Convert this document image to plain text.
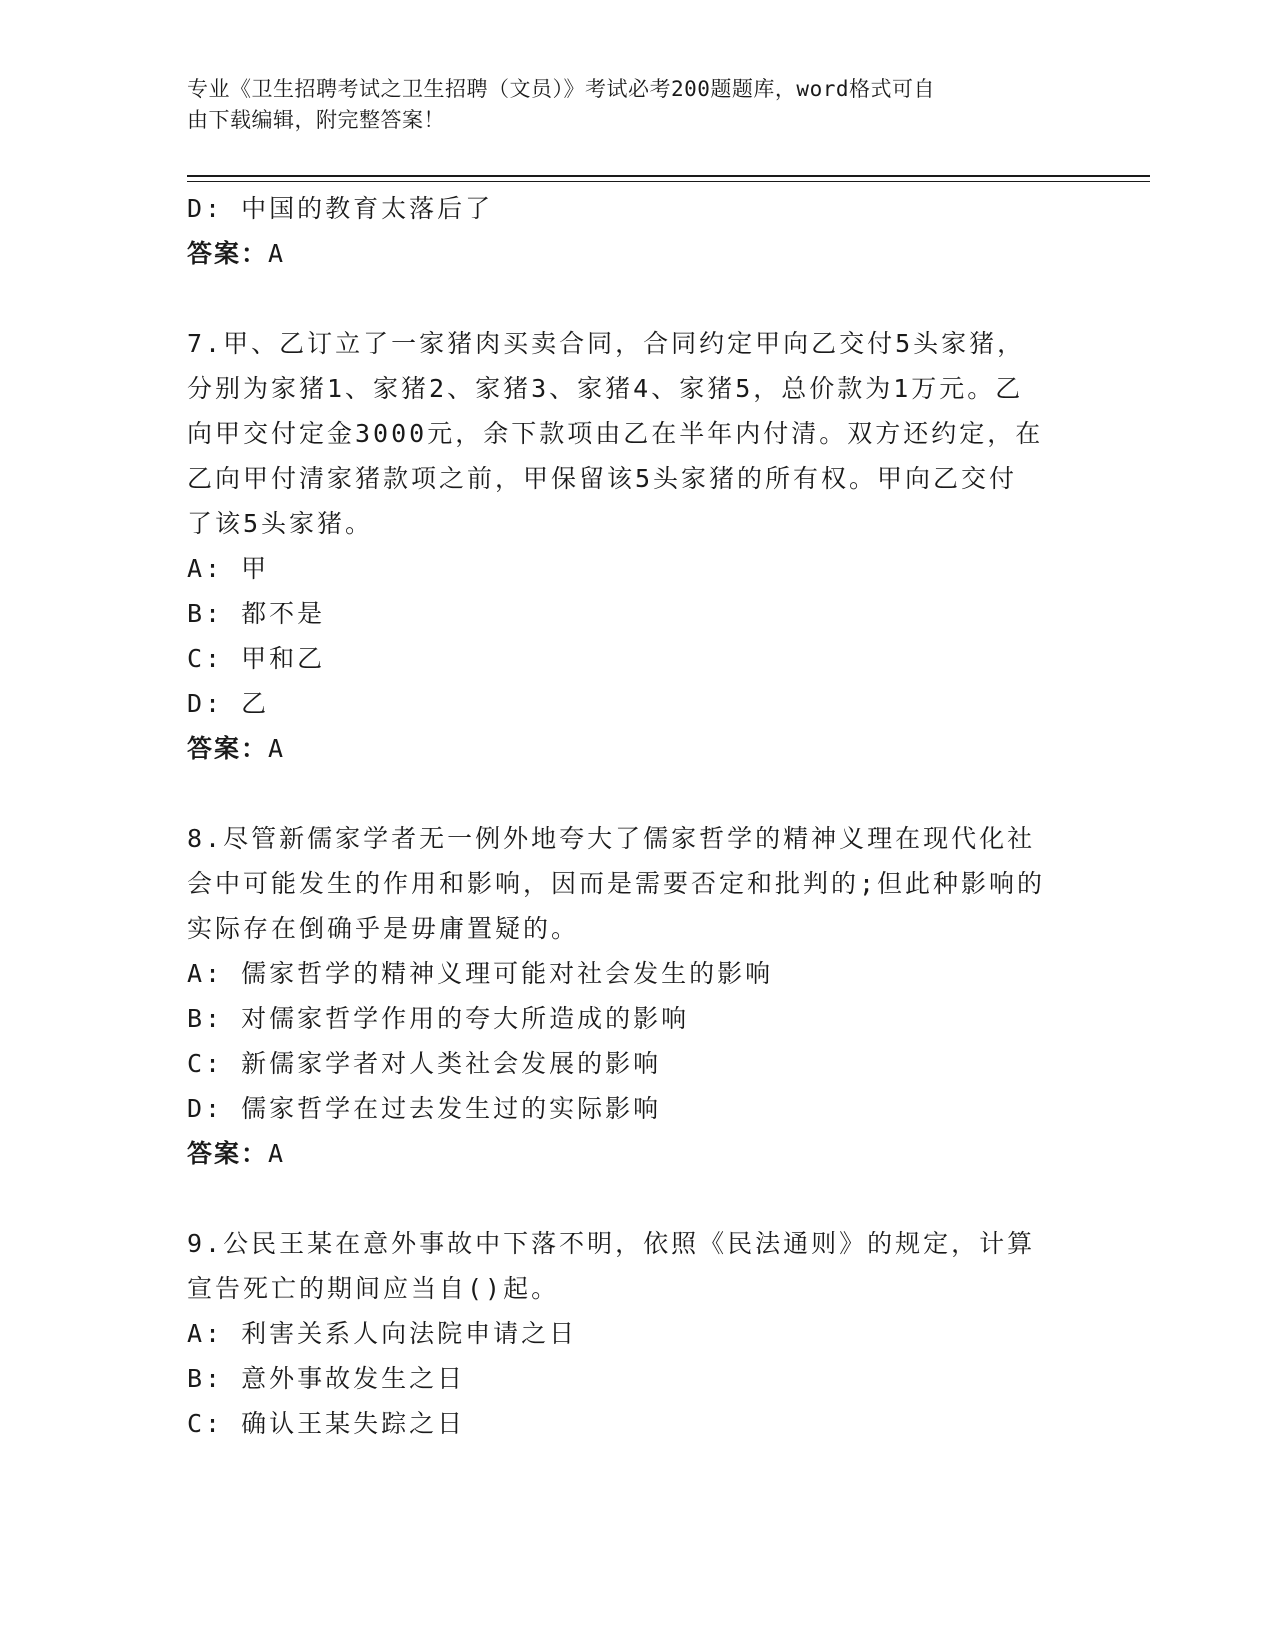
专业《卫生招聘考试之卫生招聘（文员）》考试必考200题题库，word格式可自
由下载编辑，附完整答案！
D: 中国的教育太落后了
答案：A
7.甲、乙订立了一家猪肉买卖合同，合同约定甲向乙交付5头家猪，
分别为家猪1、家猪2、家猪3、家猪4、家猪5，总价款为1万元。乙
向甲交付定金3000元，余下款项由乙在半年内付清。双方还约定，在
乙向甲付清家猪款项之前，甲保留该5头家猪的所有权。甲向乙交付
了该5头家猪。
A: 甲
B: 都不是
C: 甲和乙
D: 乙
答案：A
8.尽管新儒家学者无一例外地夸大了儒家哲学的精神义理在现代化社
会中可能发生的作用和影响，因而是需要否定和批判的;但此种影响的
实际存在倒确乎是毋庸置疑的。
A: 儒家哲学的精神义理可能对社会发生的影响
B: 对儒家哲学作用的夸大所造成的影响
C: 新儒家学者对人类社会发展的影响
D: 儒家哲学在过去发生过的实际影响
答案：A
9.公民王某在意外事故中下落不明，依照《民法通则》的规定，计算
宣告死亡的期间应当自()起。
A: 利害关系人向法院申请之日
B: 意外事故发生之日
C: 确认王某失踪之日
